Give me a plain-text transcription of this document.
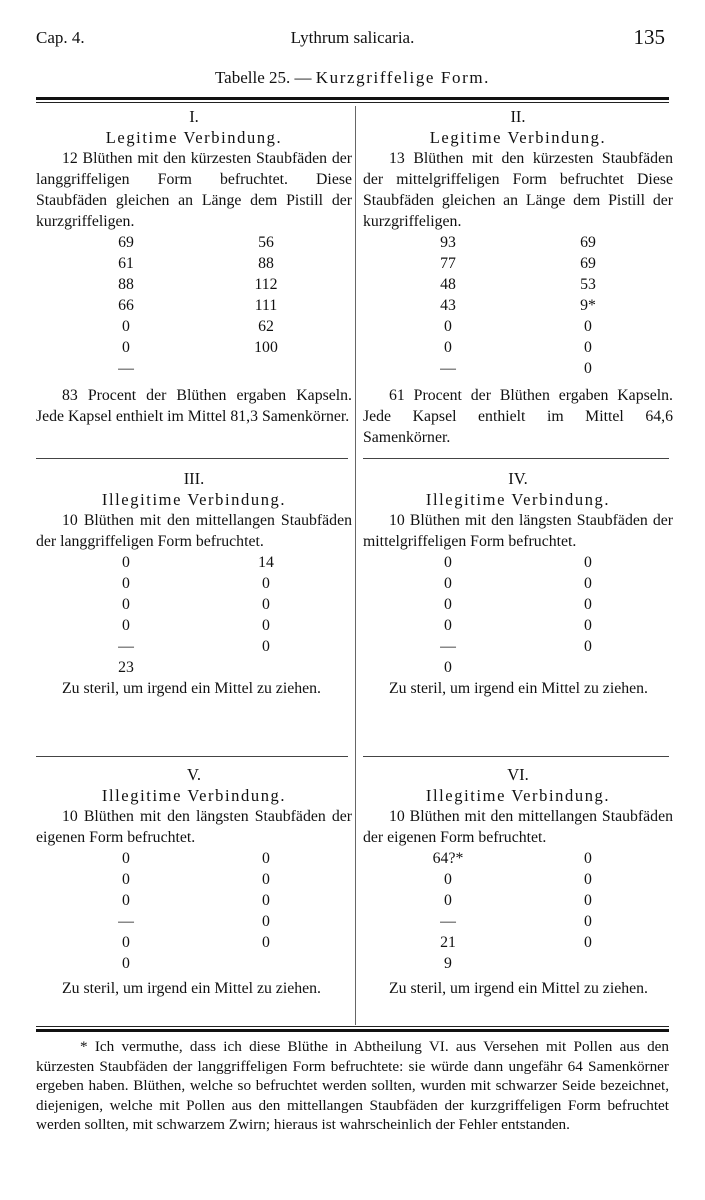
Cap. 4.	Lythrum salicaria.	135
Tabelle 25. — Kurzgriffelige Form.
I.
Legitime Verbindung.
12 Blüthen mit den kürzesten Staubfäden der langgriffeligen Form befruchtet. Diese Staubfäden gleichen an Länge dem Pistill der kurzgriffeligen.
69	56
61	88
88	112
66	111
0	62
0	100
—
83 Procent der Blüthen ergaben Kapseln. Jede Kapsel enthielt im Mittel 81,3 Samenkörner.
II.
Legitime Verbindung.
13 Blüthen mit den kürzesten Staubfäden der mittelgriffeligen Form befruchtet Diese Staubfäden gleichen an Länge dem Pistill der kurzgriffeligen.
93	69
77	69
48	53
43	9*
0	0
0	0
—	0
61 Procent der Blüthen ergaben Kapseln. Jede Kapsel enthielt im Mittel 64,6 Samenkörner.
III.
Illegitime Verbindung.
10 Blüthen mit den mittellangen Staubfäden der langgriffeligen Form befruchtet.
0	14
0	0
0	0
0	0
—	0
23
Zu steril, um irgend ein Mittel zu ziehen.
IV.
Illegitime Verbindung.
10 Blüthen mit den längsten Staubfäden der mittelgriffeligen Form befruchtet.
0	0
0	0
0	0
0	0
—	0
0
Zu steril, um irgend ein Mittel zu ziehen.
V.
Illegitime Verbindung.
10 Blüthen mit den längsten Staubfäden der eigenen Form befruchtet.
0	0
0	0
0	0
—	0
0	0
0
Zu steril, um irgend ein Mittel zu ziehen.
VI.
Illegitime Verbindung.
10 Blüthen mit den mittellangen Staubfäden der eigenen Form befruchtet.
64?*	0
0	0
0	0
—	0
21	0
9
Zu steril, um irgend ein Mittel zu ziehen.
* Ich vermuthe, dass ich diese Blüthe in Abtheilung VI. aus Versehen mit Pollen aus den kürzesten Staubfäden der langgriffeligen Form befruchtete: sie würde dann ungefähr 64 Samenkörner ergeben haben. Blüthen, welche so befruchtet werden sollten, wurden mit schwarzer Seide bezeichnet, diejenigen, welche mit Pollen aus den mittellangen Staubfäden der kurzgriffeligen Form befruchtet werden sollten, mit schwarzem Zwirn; hieraus ist wahrscheinlich der Fehler entstanden.
